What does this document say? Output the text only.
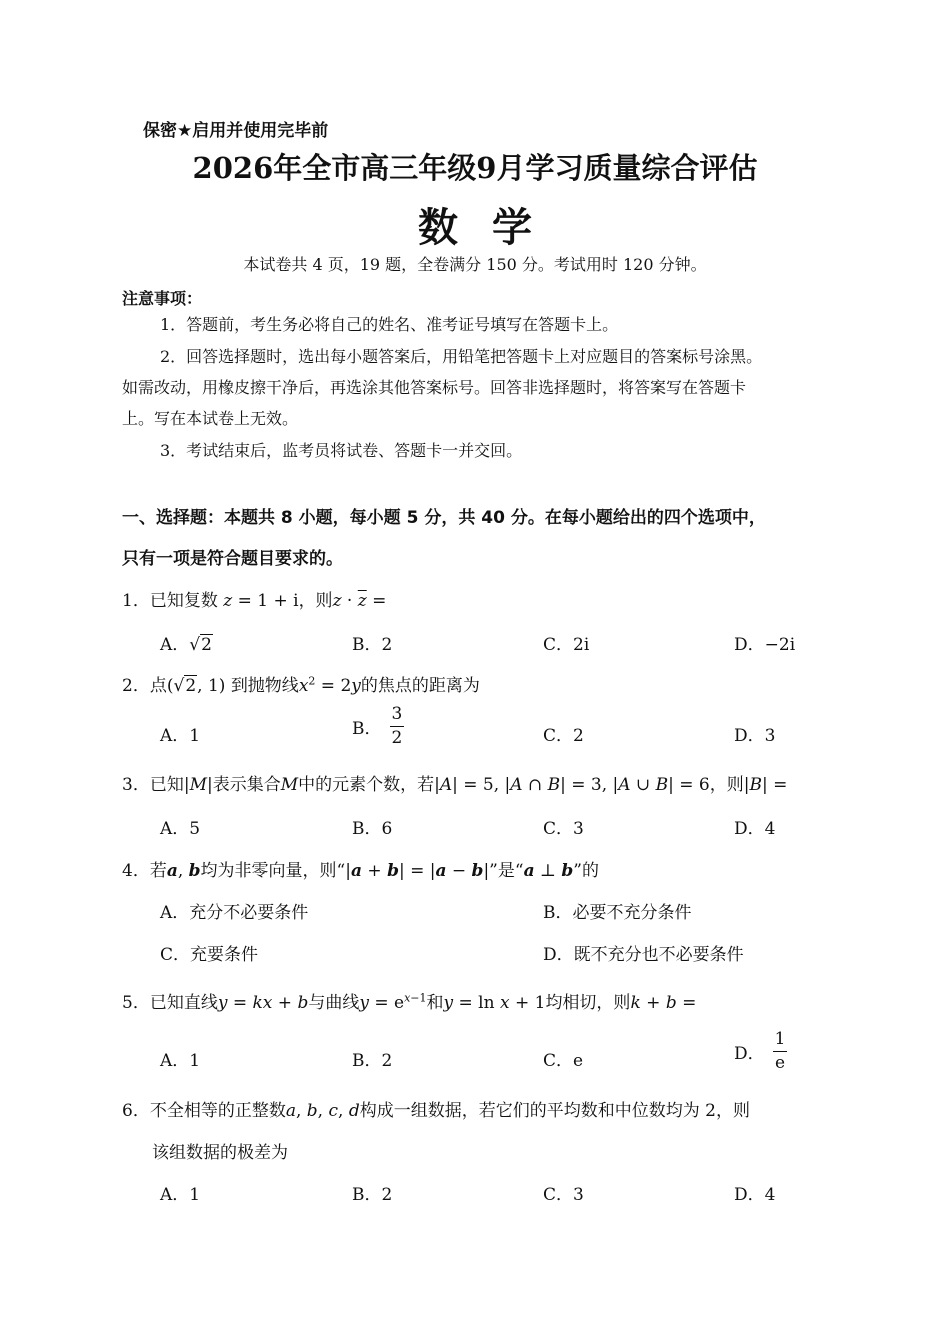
保密★启用并使用完毕前
2026年全市高三年级9月学习质量综合评估
数学
本试卷共 4 页，19 题，全卷满分 150 分。考试用时 120 分钟。
注意事项：
1．答题前，考生务必将自己的姓名、准考证号填写在答题卡上。
2．回答选择题时，选出每小题答案后，用铅笔把答题卡上对应题目的答案标号涂黑。
如需改动，用橡皮擦干净后，再选涂其他答案标号。回答非选择题时，将答案写在答题卡
上。写在本试卷上无效。
3．考试结束后，监考员将试卷、答题卡一并交回。
一、选择题：本题共 8 小题，每小题 5 分，共 40 分。在每小题给出的四个选项中，
只有一项是符合题目要求的。
1．已知复数 z = 1 + i，则$z \cdot \overline{z}$ =
A．√2	B．2	C．2i	D．−2i
2．点(√2, 1) 到抛物线$x^2 = 2y$的焦点的距离为
A．1	B． $\frac{3}{2}$	C．2	D．3
3．已知|M|表示集合M中的元素个数，若|A| = 5, |A ∩ B| = 3, |A ∪ B| = 6，则|B| =
A．5	B．6	C．3	D．4
4．若a, b均为非零向量，则“|a + b| = |a − b|”是“a ⊥ b”的
A．充分不必要条件	B．必要不充分条件
C．充要条件	D．既不充分也不必要条件
5．已知直线y = kx + b与曲线$y = e^{x-1}$和y = ln x + 1均相切，则k + b =
A．1	B．2	C．e	D． $\frac{1}{e}$
6．不全相等的正整数a, b, c, d构成一组数据，若它们的平均数和中位数均为 2，则
该组数据的极差为
A．1	B．2	C．3	D．4
